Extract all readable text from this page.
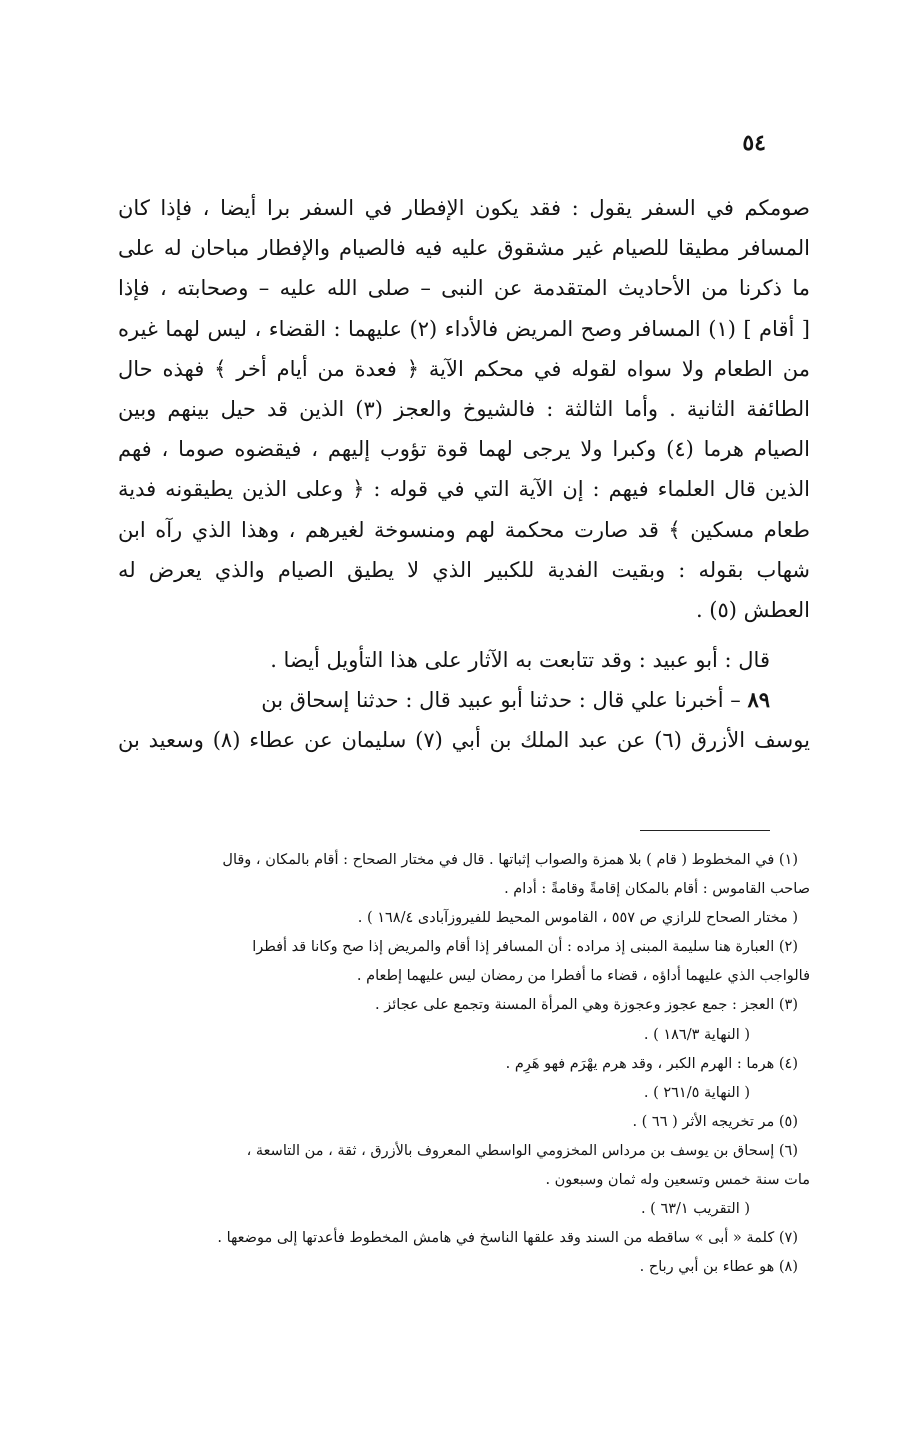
٥٤
صومكم في السفر يقول : فقد يكون الإفطار في السفر برا أيضا ، فإذا كان
المسافر مطيقا للصيام غير مشقوق عليه فيه فالصيام والإفطار مباحان له على
ما ذكرنا من الأحاديث المتقدمة عن النبى – صلى الله عليه – وصحابته ، فإذا
[ أقام ] (١) المسافر وصح المريض فالأداء (٢) عليهما : القضاء ، ليس لهما غيره
من الطعام ولا سواه لقوله في محكم الآية ﴿ فعدة من أيام أخر ﴾ فهذه حال
الطائفة الثانية . وأما الثالثة : فالشيوخ والعجز (٣) الذين قد حيل بينهم وبين
الصيام هرما (٤) وكبرا ولا يرجى لهما قوة تؤوب إليهم ، فيقضوه صوما ، فهم
الذين قال العلماء فيهم : إن الآية التي في قوله : ﴿ وعلى الذين يطيقونه فدية
طعام مسكين ﴾ قد صارت محكمة لهم ومنسوخة لغيرهم ، وهذا الذي رآه ابن
شهاب بقوله : وبقيت الفدية للكبير الذي لا يطيق الصيام والذي يعرض له
العطش (٥) .
قال : أبو عبيد : وقد تتابعت به الآثار على هذا التأويل أيضا .
٨٩ – أخبرنا علي قال : حدثنا أبو عبيد قال : حدثنا إسحاق بن
يوسف الأزرق (٦) عن عبد الملك بن أبي (٧) سليمان عن عطاء (٨) وسعيد بن
(١) في المخطوط ( قام ) بلا همزة والصواب إثباتها . قال في مختار الصحاح : أقام بالمكان ، وقال
صاحب القاموس : أقام بالمكان إقامةً وقامةً : أدام .
( مختار الصحاح للرازي ص ٥٥٧ ، القاموس المحيط للفيروزآبادى ١٦٨/٤ ) .
(٢) العبارة هنا سليمة المبنى إذ مراده : أن المسافر إذا أقام والمريض إذا صح وكانا قد أفطرا
فالواجب الذي عليهما أداؤه ، قضاء ما أفطرا من رمضان ليس عليهما إطعام .
(٣) العجز : جمع عجوز وعجوزة وهي المرأة المسنة وتجمع على عجائز .
( النهاية ١٨٦/٣ ) .
(٤) هرما : الهرم الكبر ، وقد هرم يهْرَم فهو هَرِم .
( النهاية ٢٦١/٥ ) .
(٥) مر تخريجه الأثر ( ٦٦ ) .
(٦) إسحاق بن يوسف بن مرداس المخزومي الواسطي المعروف بالأزرق ، ثقة ، من التاسعة ،
مات سنة خمس وتسعين وله ثمان وسبعون .
( التقريب ٦٣/١ ) .
(٧) كلمة « أبى » ساقطه من السند وقد علقها الناسخ في هامش المخطوط فأعدتها إلى موضعها .
(٨) هو عطاء بن أبي رباح .
